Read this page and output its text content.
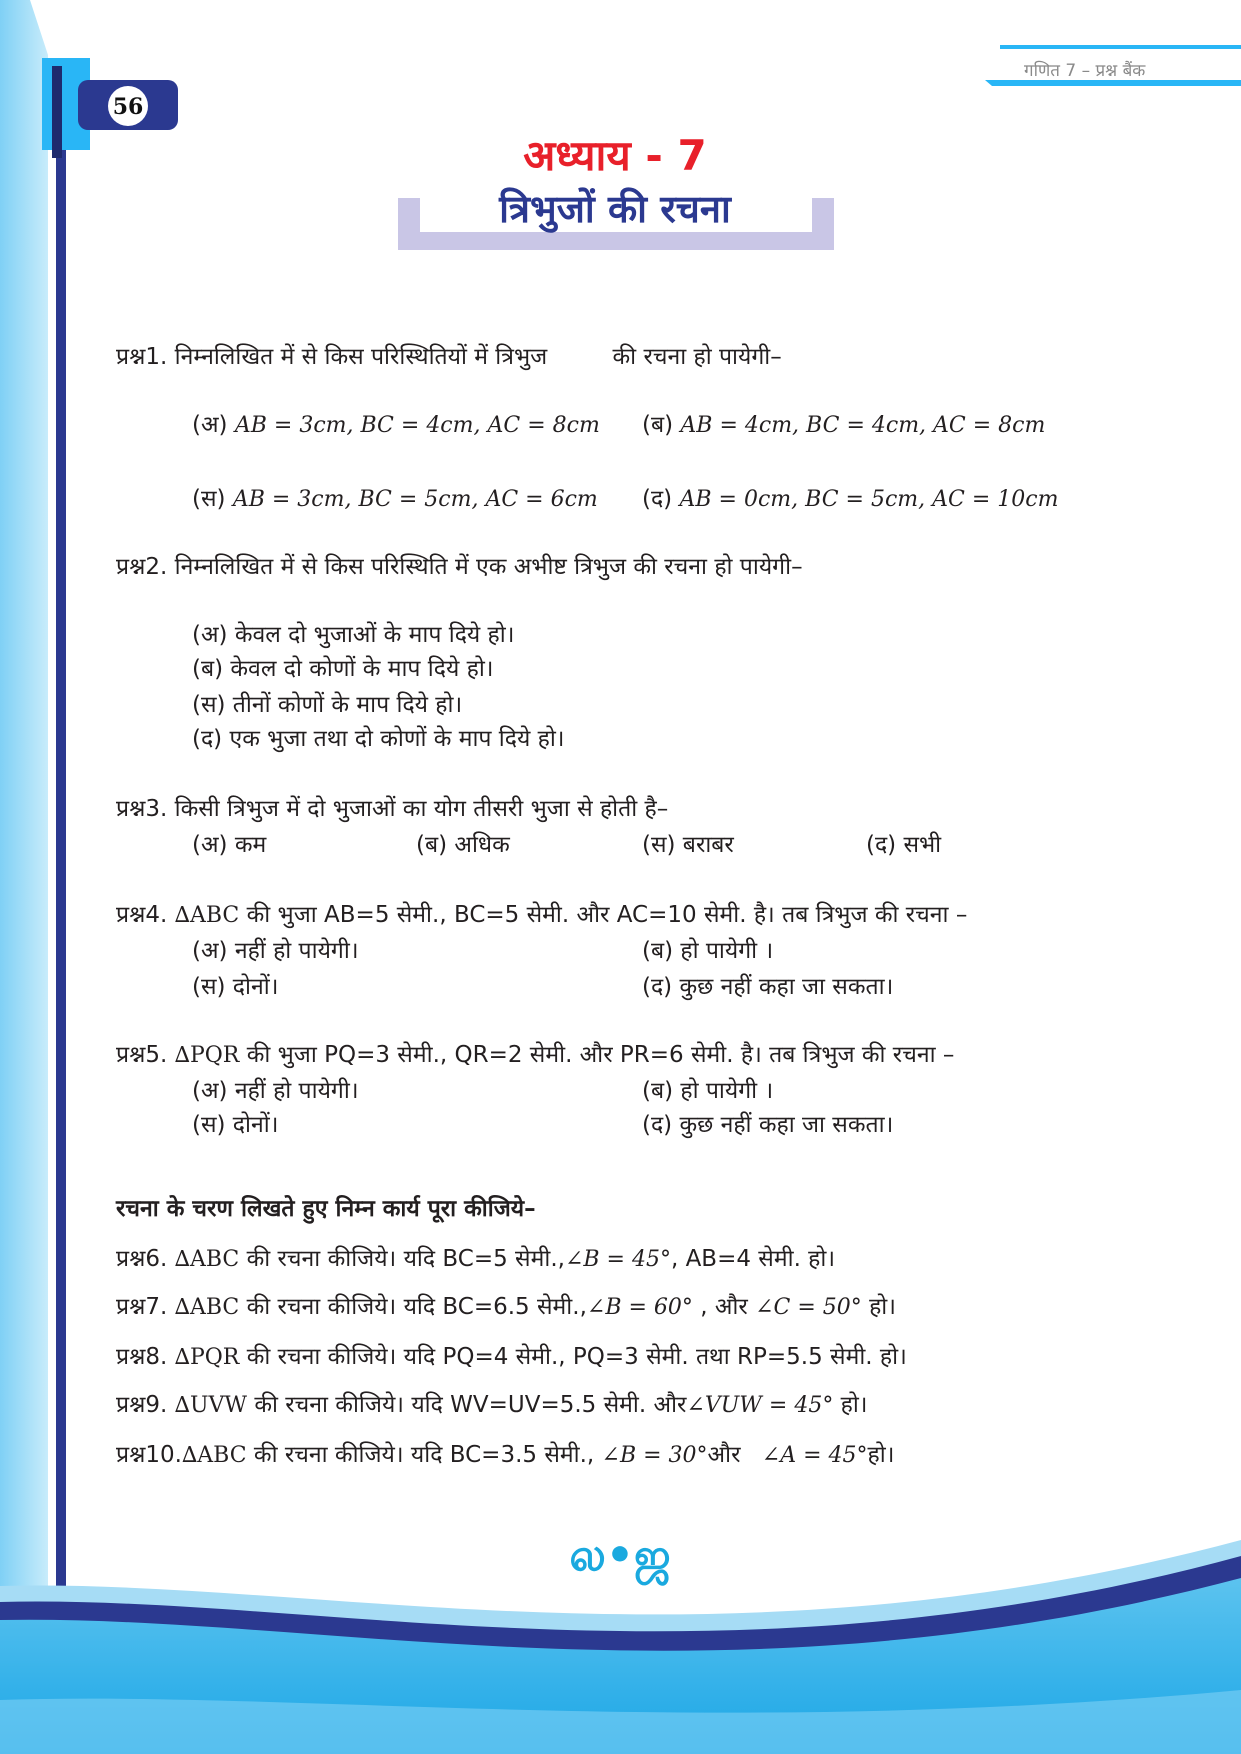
गणित 7 – प्रश्न बैंक
56
अध्याय - 7
त्रिभुजों की रचना
प्रश्न1. निम्नलिखित में से किस परिस्थितियों में त्रिभुज	की रचना हो पायेगी–
(अ) AB = 3cm, BC = 4cm, AC = 8cm (ब) AB = 4cm, BC = 4cm, AC = 8cm
(स) AB = 3cm, BC = 5cm, AC = 6cm (द) AB = 0cm, BC = 5cm, AC = 10cm
प्रश्न2. निम्नलिखित में से किस परिस्थिति में एक अभीष्ट त्रिभुज की रचना हो पायेगी–
(अ) केवल दो भुजाओं के माप दिये हो।
(ब) केवल दो कोणों के माप दिये हो।
(स) तीनों कोणों के माप दिये हो।
(द) एक भुजा तथा दो कोणों के माप दिये हो।
प्रश्न3. किसी त्रिभुज में दो भुजाओं का योग तीसरी भुजा से होती है–
(अ) कम	(ब) अधिक	(स) बराबर	(द) सभी
प्रश्न4. ∆ABC की भुजा AB=5 सेमी., BC=5 सेमी. और AC=10 सेमी. है। तब त्रिभुज की रचना –
(अ) नहीं हो पायेगी।	(ब) हो पायेगी ।
(स) दोनों।	(द) कुछ नहीं कहा जा सकता।
प्रश्न5. ∆PQR की भुजा PQ=3 सेमी., QR=2 सेमी. और PR=6 सेमी. है। तब त्रिभुज की रचना –
(अ) नहीं हो पायेगी।	(ब) हो पायेगी ।
(स) दोनों।	(द) कुछ नहीं कहा जा सकता।
रचना के चरण लिखते हुए निम्न कार्य पूरा कीजिये–
प्रश्न6. ∆ABC की रचना कीजिये। यदि BC=5 सेमी.,∠B = 45°, AB=4 सेमी. हो।
प्रश्न7. ∆ABC की रचना कीजिये। यदि BC=6.5 सेमी.,∠B = 60° , और ∠C = 50° हो।
प्रश्न8. ∆PQR की रचना कीजिये। यदि PQ=4 सेमी., PQ=3 सेमी. तथा RP=5.5 सेमी. हो।
प्रश्न9. ∆UVW की रचना कीजिये। यदि WV=UV=5.5 सेमी. और∠VUW = 45° हो।
प्रश्न10.∆ABC की रचना कीजिये। यदि BC=3.5 सेमी., ∠B = 30°और ∠A = 45°हो।
ல•ஜ
